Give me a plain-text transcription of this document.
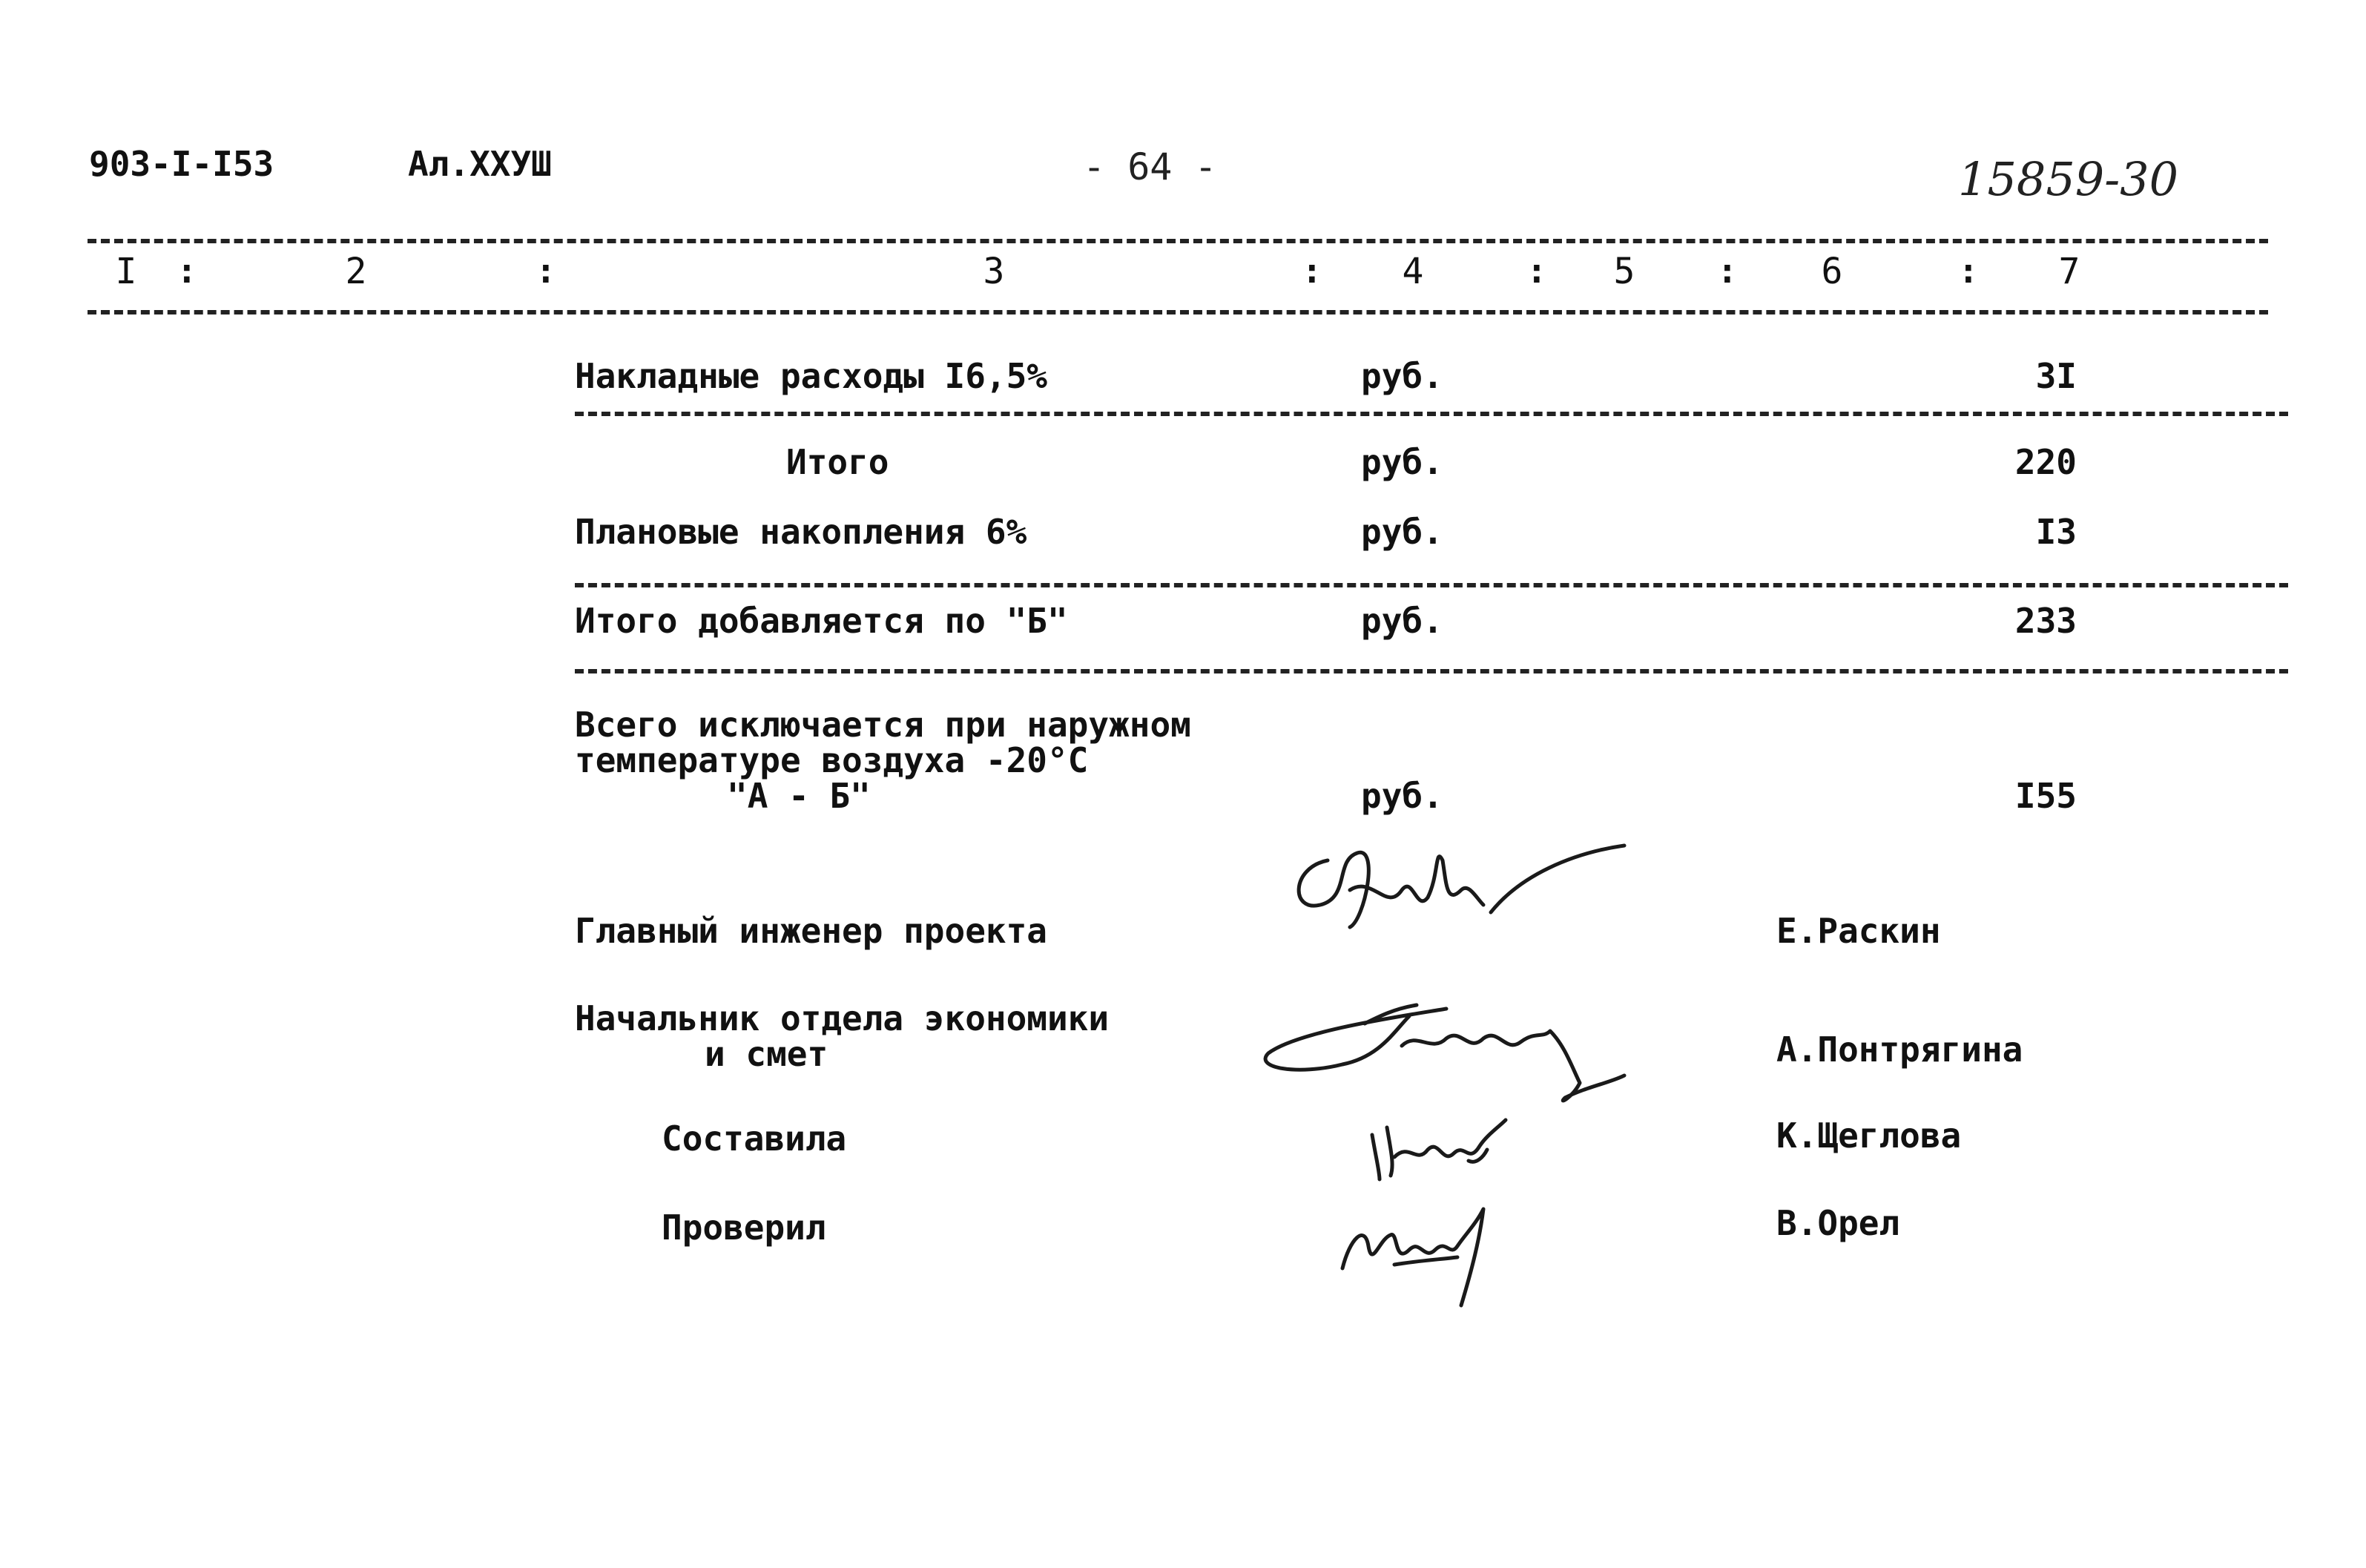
903-I-I53	Ал.XXУШ	- 64 -	15859-30
I :	2	:	3	: 4	: 5 : 6	: 7
Накладные расходы I6,5%	руб.	3I
Итого	руб.	220
Плановые накопления 6%	руб.	I3
Итого добавляется по "Б"	руб.	233
Всего исключается при наружном
температуре воздуха -20°С
"А - Б"	руб.	I55
Главный инженер проекта	Е.Раскин
Начальник отдела экономики
и смет	А.Понтрягина
Составила	К.Щеглова
Проверил	В.Орел
